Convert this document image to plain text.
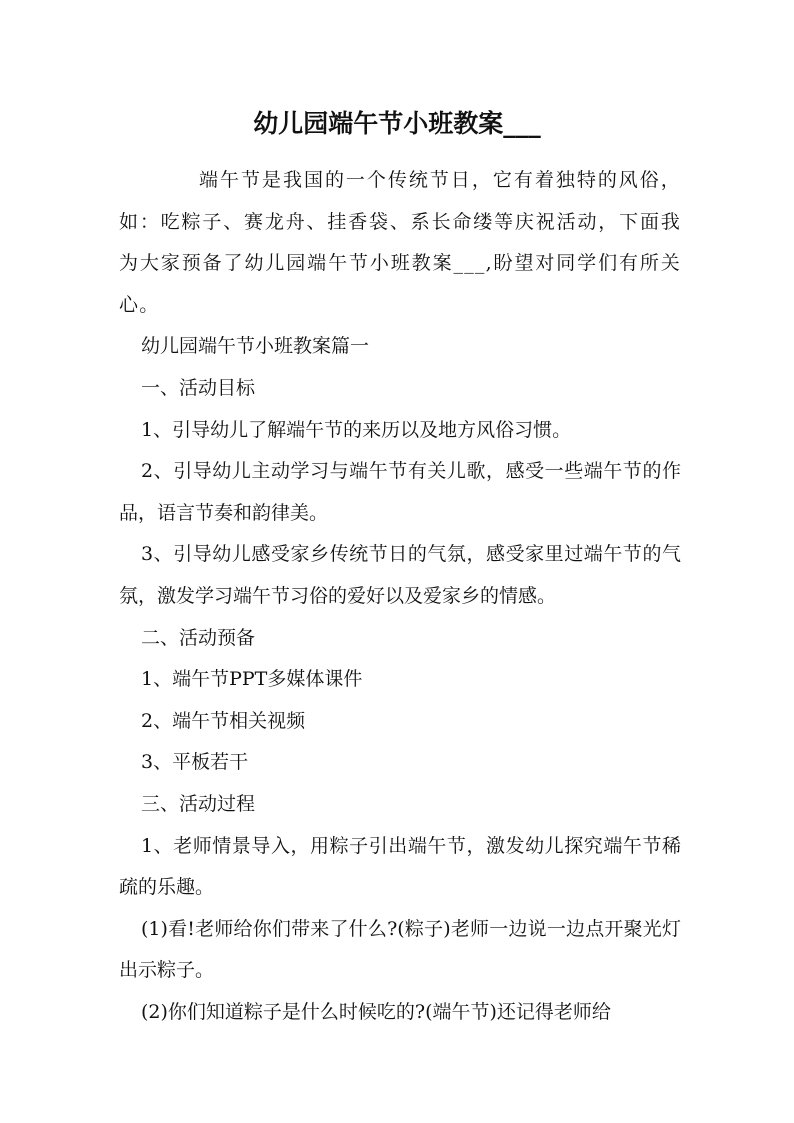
幼儿园端午节小班教案___

端午节是我国的一个传统节日，它有着独特的风俗，如：吃粽子、赛龙舟、挂香袋、系长命缕等庆祝活动，下面我为大家预备了幼儿园端午节小班教案___,盼望对同学们有所关心。

幼儿园端午节小班教案篇一

一、活动目标

1、引导幼儿了解端午节的来历以及地方风俗习惯。

2、引导幼儿主动学习与端午节有关儿歌，感受一些端午节的作品，语言节奏和韵律美。

3、引导幼儿感受家乡传统节日的气氛，感受家里过端午节的气氛，激发学习端午节习俗的爱好以及爱家乡的情感。

二、活动预备

1、端午节PPT多媒体课件

2、端午节相关视频

3、平板若干

三、活动过程

1、老师情景导入，用粽子引出端午节，激发幼儿探究端午节稀疏的乐趣。

(1)看!老师给你们带来了什么?(粽子)老师一边说一边点开聚光灯出示粽子。

(2)你们知道粽子是什么时候吃的?(端午节)还记得老师给
